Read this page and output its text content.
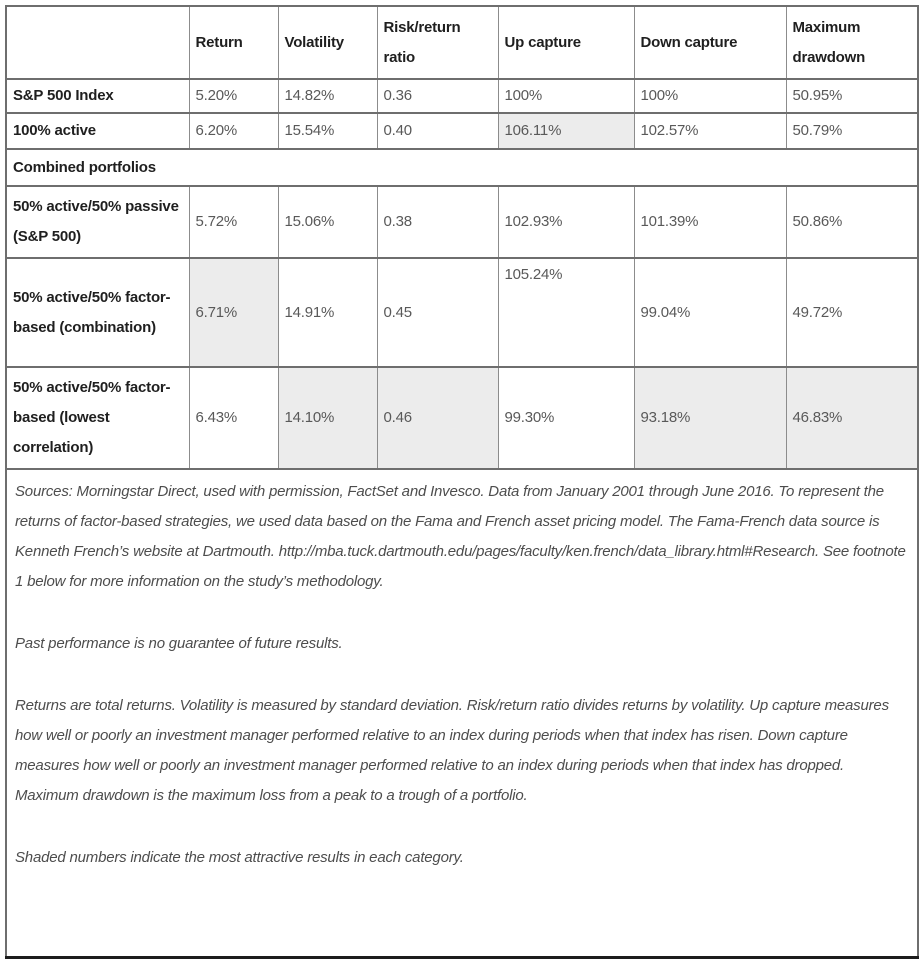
	Return	Volatility	Risk/return ratio	Up capture	Down capture	Maximum drawdown
S&P 500 Index	5.20%	14.82%	0.36	100%	100%	50.95%
100% active	6.20%	15.54%	0.40	106.11%	102.57%	50.79%
Combined portfolios						
50% active/50% passive (S&P 500)	5.72%	15.06%	0.38	102.93%	101.39%	50.86%
50% active/50% factor-based (combination)	6.71%	14.91%	0.45	105.24%	99.04%	49.72%
50% active/50% factor-based (lowest correlation)	6.43%	14.10%	0.46	99.30%	93.18%	46.83%

Sources: Morningstar Direct, used with permission, FactSet and Invesco. Data from January 2001 through June 2016. To represent the returns of factor-based strategies, we used data based on the Fama and French asset pricing model. The Fama-French data source is Kenneth French’s website at Dartmouth. http://mba.tuck.dartmouth.edu/pages/faculty/ken.french/data_library.html#Research. See footnote 1 below for more information on the study’s methodology.

Past performance is no guarantee of future results.

Returns are total returns. Volatility is measured by standard deviation. Risk/return ratio divides returns by volatility. Up capture measures how well or poorly an investment manager performed relative to an index during periods when that index has risen. Down capture measures how well or poorly an investment manager performed relative to an index during periods when that index has dropped. Maximum drawdown is the maximum loss from a peak to a trough of a portfolio.

Shaded numbers indicate the most attractive results in each category.						
